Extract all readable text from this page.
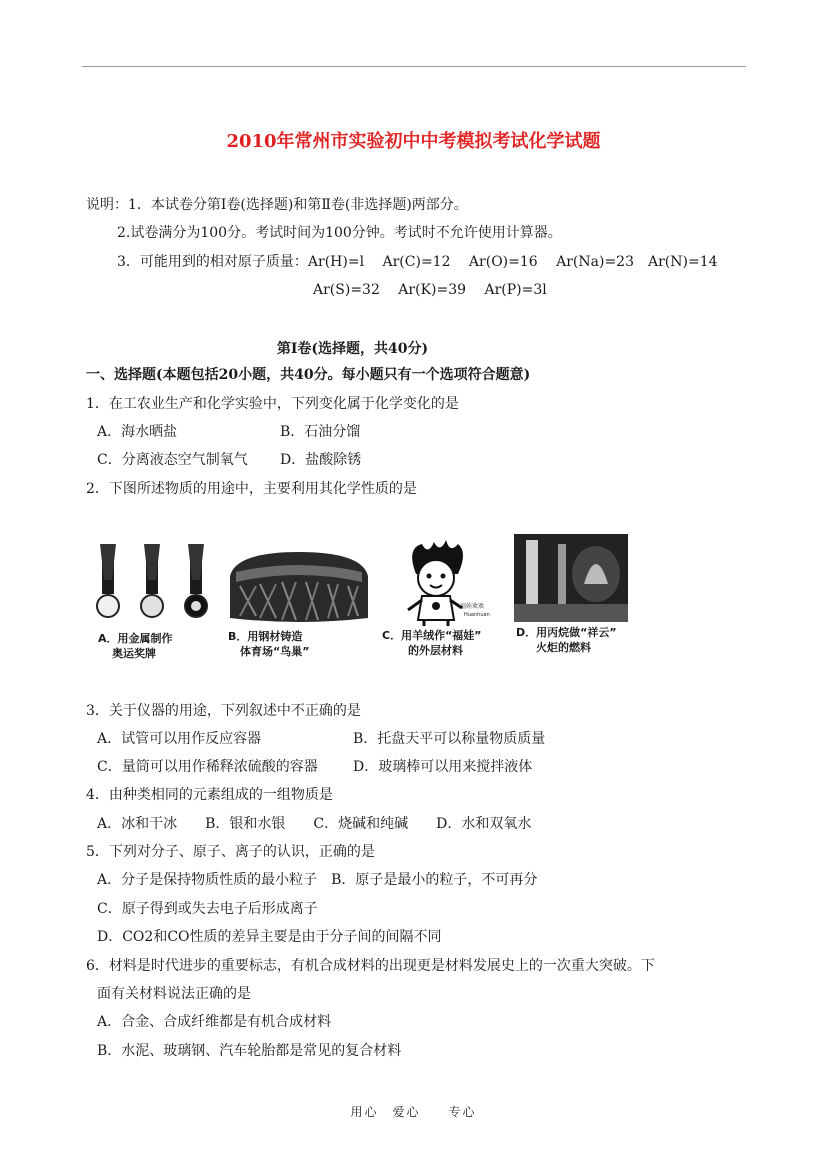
2010年常州市实验初中中考模拟考试化学试题
说明：1．本试卷分第Ⅰ卷(选择题)和第Ⅱ卷(非选择题)两部分。
2.试卷满分为100分。考试时间为100分钟。考试时不允许使用计算器。
3．可能用到的相对原子质量：Ar(H)=l　 Ar(C)=12　 Ar(O)=16　 Ar(Na)=23　Ar(N)=14
Ar(S)=32　 Ar(K)=39　 Ar(P)=3l
第Ⅰ卷(选择题，共40分)
一、选择题(本题包括20小题，共40分。每小题只有一个选项符合题意)
1．在工农业生产和化学实验中，下列变化属于化学变化的是
A．海水晒盐	B．石油分馏
C．分离液态空气制氧气 D．盐酸除锈
2．下图所述物质的用途中，主要利用其化学性质的是
A．用金属制作
奥运奖牌
B．用钢材铸造
体育场“鸟巢”
福娃欢欢
Huanhuan
C．用羊绒作“福娃”
的外层材料
D．用丙烷做“祥云”
火炬的燃料
3．关于仪器的用途，下列叙述中不正确的是
A．试管可以用作反应容器	B．托盘天平可以称量物质质量
C．量筒可以用作稀释浓硫酸的容器	D．玻璃棒可以用来搅拌液体
4．由种类相同的元素组成的一组物质是
A．冰和干冰　　B．银和水银　　C．烧碱和纯碱　　D．水和双氧水
5．下列对分子、原子、离子的认识，正确的是
A．分子是保持物质性质的最小粒子　B．原子是最小的粒子，不可再分
C．原子得到或失去电子后形成离子
D．CO2和CO性质的差异主要是由于分子间的间隔不同
6．材料是时代进步的重要标志，有机合成材料的出现更是材料发展史上的一次重大突破。下
面有关材料说法正确的是
A．合金、合成纤维都是有机合成材料
B．水泥、玻璃钢、汽车轮胎都是常见的复合材料
用心　爱心　　专心
